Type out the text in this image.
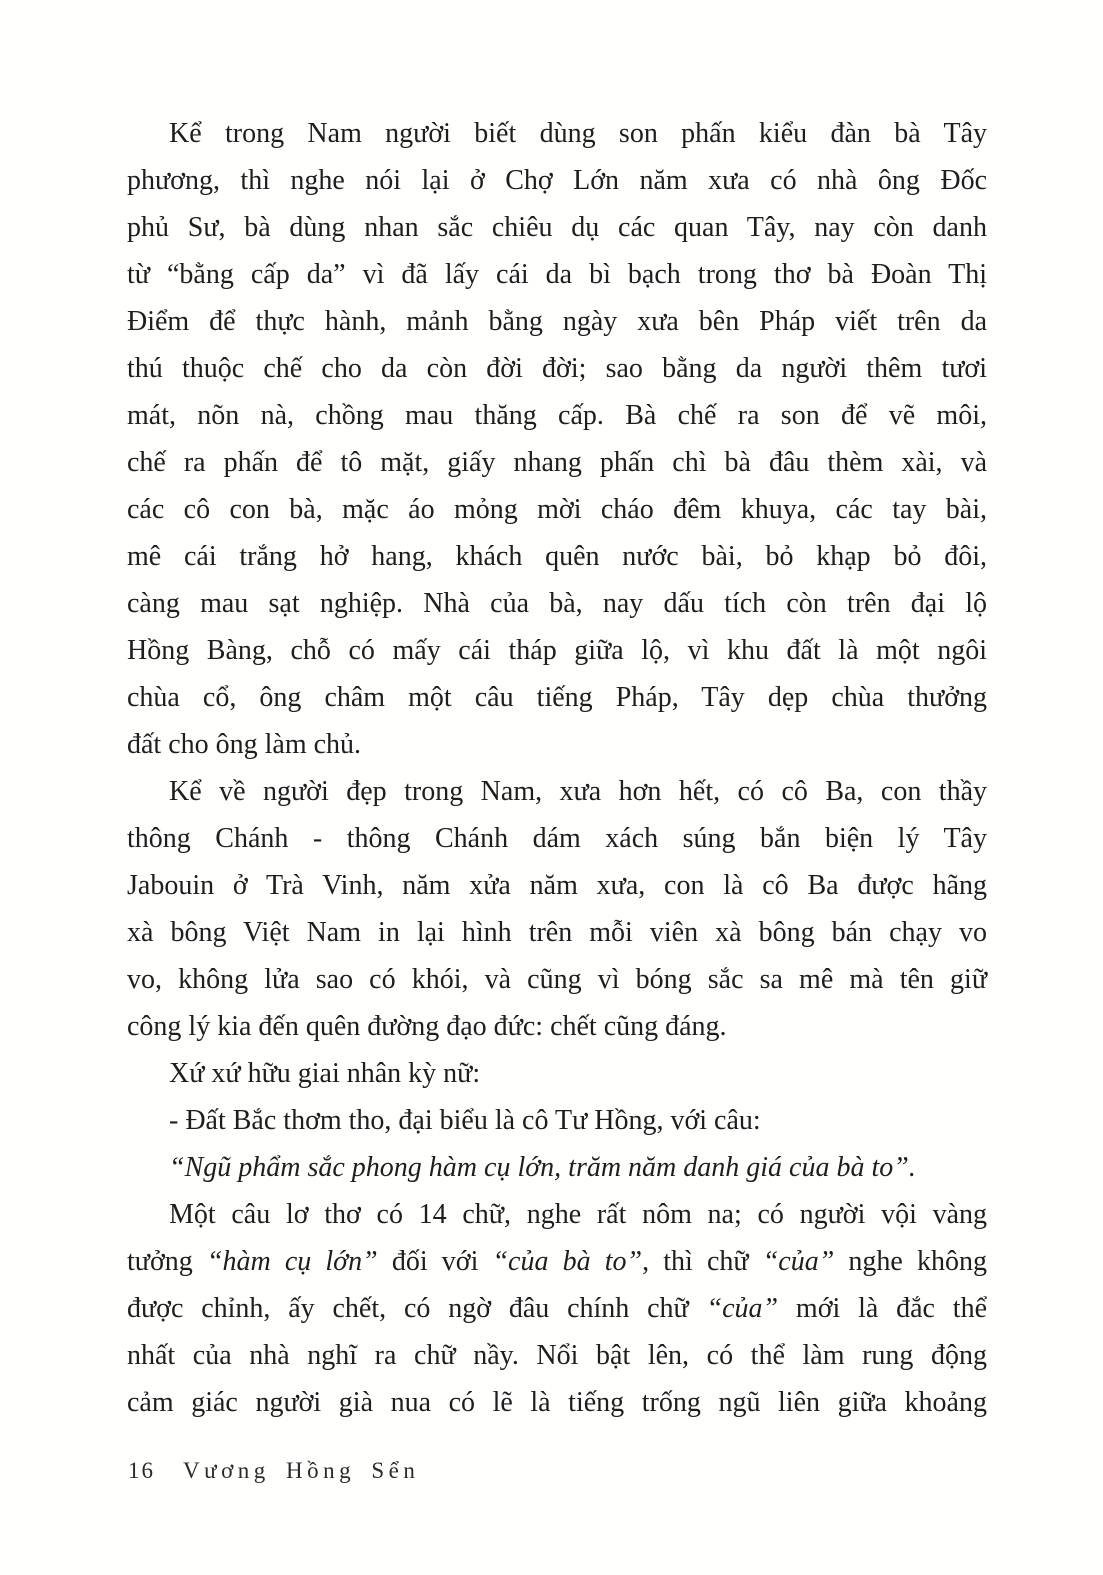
Kể trong Nam người biết dùng son phấn kiểu đàn bà Tây
phương, thì nghe nói lại ở Chợ Lớn năm xưa có nhà ông Đốc
phủ Sư, bà dùng nhan sắc chiêu dụ các quan Tây, nay còn danh
từ “bằng cấp da” vì đã lấy cái da bì bạch trong thơ bà Đoàn Thị
Điểm để thực hành, mảnh bằng ngày xưa bên Pháp viết trên da
thú thuộc chế cho da còn đời đời; sao bằng da người thêm tươi
mát, nõn nà, chồng mau thăng cấp. Bà chế ra son để vẽ môi,
chế ra phấn để tô mặt, giấy nhang phấn chì bà đâu thèm xài, và
các cô con bà, mặc áo mỏng mời cháo đêm khuya, các tay bài,
mê cái trắng hở hang, khách quên nước bài, bỏ khạp bỏ đôi,
càng mau sạt nghiệp. Nhà của bà, nay dấu tích còn trên đại lộ
Hồng Bàng, chỗ có mấy cái tháp giữa lộ, vì khu đất là một ngôi
chùa cổ, ông châm một câu tiếng Pháp, Tây dẹp chùa thưởng
đất cho ông làm chủ.
Kể về người đẹp trong Nam, xưa hơn hết, có cô Ba, con thầy
thông Chánh - thông Chánh dám xách súng bắn biện lý Tây
Jabouin ở Trà Vinh, năm xửa năm xưa, con là cô Ba được hãng
xà bông Việt Nam in lại hình trên mỗi viên xà bông bán chạy vo
vo, không lửa sao có khói, và cũng vì bóng sắc sa mê mà tên giữ
công lý kia đến quên đường đạo đức: chết cũng đáng.
Xứ xứ hữu giai nhân kỳ nữ:
- Đất Bắc thơm tho, đại biểu là cô Tư Hồng, với câu:
“Ngũ phẩm sắc phong hàm cụ lớn, trăm năm danh giá của bà to”.
Một câu lơ thơ có 14 chữ, nghe rất nôm na; có người vội vàng
tưởng “hàm cụ lớn” đối với “của bà to”, thì chữ “của” nghe không
được chỉnh, ấy chết, có ngờ đâu chính chữ “của” mới là đắc thể
nhất của nhà nghĩ ra chữ nầy. Nổi bật lên, có thể làm rung động
cảm giác người già nua có lẽ là tiếng trống ngũ liên giữa khoảng
16 Vương Hồng Sển
